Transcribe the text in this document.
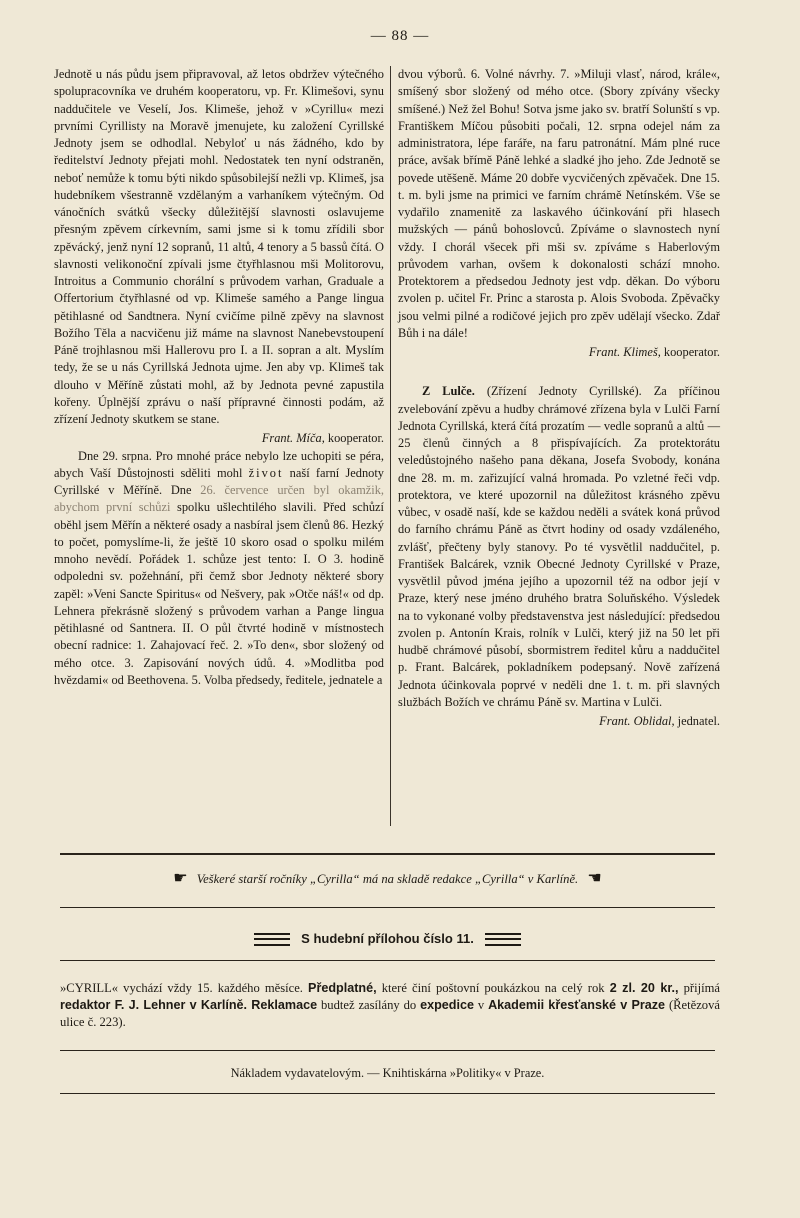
— 88 —

Jednotě u nás půdu jsem připravoval, až letos obdržev výtečného spolupracovníka ve druhém kooperatoru, vp. Fr. Klimešovi, synu naddučitele ve Veselí, Jos. Klimeše, jehož v »Cyrillu« mezi prvními Cyrillisty na Moravě jmenujete, ku založení Cyrillské Jednoty jsem se odhodlal. Nebyloť u nás žádného, kdo by ředitelství Jednoty přejati mohl. Nedostatek ten nyní odstraněn, neboť nemůže k tomu býti nikdo spůsobilejší nežli vp. Klimeš, jsa hudebníkem všestranně vzdělaným a varhaníkem výtečným. Od vánočních svátků všecky důležitější slavnosti oslavujeme přesným zpěvem církevním, sami jsme si k tomu zřídili sbor zpěvácký, jenž nyní 12 sopranů, 11 altů, 4 tenory a 5 bassů čítá. O slavnosti velikonoční zpívali jsme čtyřhlasnou mši Molitorovu, Introitus a Communio chorální s průvodem varhan, Graduale a Offertorium čtyřhlasné od vp. Klimeše samého a Pange lingua pětihlasné od Sandtnera. Nyní cvičíme pilně zpěvy na slavnost Božího Těla a nacvičenu již máme na slavnost Nanebevstoupení Páně trojhlasnou mši Hallerovu pro I. a II. sopran a alt. Myslím tedy, že se u nás Cyrillská Jednota ujme. Jen aby vp. Klimeš tak dlouho v Měříně zůstati mohl, až by Jednota pevné zapustila kořeny. Úplnější zprávu o naší přípravné činnosti podám, až zřízení Jednoty skutkem se stane.

Frant. Míča, kooperator.

Dne 29. srpna. Pro mnohé práce nebylo lze uchopiti se péra, abych Vaší Důstojnosti sděliti mohl život naší farní Jednoty Cyrillské v Měříně. Dne 26. července určen byl okamžik, abychom první schůzi spolku ušlechtilého slavili. Před schůzí oběhl jsem Měřín a některé osady a nasbíral jsem členů 86. Hezký to počet, pomyslíme-li, že ještě 10 skoro osad o spolku milém mnoho nevědí. Pořádek 1. schůze jest tento: I. O 3. hodině odpoledni sv. požehnání, při čemž sbor Jednoty některé sbory zapěl: »Veni Sancte Spiritus« od Nešvery, pak »Otče náš!« od dp. Lehnera překrásně složený s průvodem varhan a Pange lingua pětihlasné od Santnera. II. O půl čtvrté hodině v místnostech obecní radnice: 1. Zahajovací řeč. 2. »To den«, sbor složený od mého otce. 3. Zapisování nových údů. 4. »Modlitba pod hvězdami« od Beethovena. 5. Volba předsedy, ředitele, jednatele a

dvou výborů. 6. Volné návrhy. 7. »Miluji vlasť, národ, krále«, smíšený sbor složený od mého otce. (Sbory zpívány všecky smíšené.) Než žel Bohu! Sotva jsme jako sv. bratří Solunští s vp. Františkem Míčou působiti počali, 12. srpna odejel nám za administratora, lépe faráře, na faru patronátní. Mám plné ruce práce, avšak břímě Páně lehké a sladké jho jeho. Zde Jednotě se povede utěšeně. Máme 20 dobře vycvičených zpěvaček. Dne 15. t. m. byli jsme na primici ve farním chrámě Netínském. Vše se vydařilo znamenitě za laskavého účinkování při hlasech mužských — pánů bohoslovců. Zpíváme o slavnostech nyní vždy. I chorál všecek při mši sv. zpíváme s Haberlovým průvodem varhan, ovšem k dokonalosti schází mnoho. Protektorem a předsedou Jednoty jest vdp. děkan. Do výboru zvolen p. učitel Fr. Princ a starosta p. Alois Svoboda. Zpěvačky jsou velmi pilné a rodičové jejich pro zpěv udělají všecko. Zdař Bůh i na dále!

Frant. Klimeš, kooperator.

Z Lulče. (Zřízení Jednoty Cyrillské). Za příčinou zvelebování zpěvu a hudby chrámové zřízena byla v Lulči Farní Jednota Cyrillská, která čítá prozatím — vedle sopranů a altů — 25 členů činných a 8 přispívajících. Za protektorátu veledůstojného našeho pana děkana, Josefa Svobody, konána dne 28. m. m. zařizující valná hromada. Po vzletné řeči vdp. protektora, ve které upozornil na důležitost krásného zpěvu vůbec, v osadě naší, kde se každou neděli a svátek koná průvod do farního chrámu Páně as čtvrt hodiny od osady vzdáleného, zvlášť, přečteny byly stanovy. Po té vysvětlil naddučitel, p. František Balcárek, vznik Obecné Jednoty Cyrillské v Praze, vysvětlil původ jména jejího a upozornil též na odbor její v Praze, který nese jméno druhého bratra Soluňského. Výsledek na to vykonané volby představenstva jest následující: předsedou zvolen p. Antonín Krais, rolník v Lulči, který již na 50 let při hudbě chrámové působí, sbormistrem ředitel kůru a naddučitel p. Frant. Balcárek, pokladníkem podepsaný. Nově zařízená Jednota účinkovala poprvé v neděli dne 1. t. m. při slavných službách Božích ve chrámu Páně sv. Martina v Lulči.

Frant. Oblidal, jednatel.

☛ Veškeré starší ročníky „Cyrilla“ má na skladě redakce „Cyrilla“ v Karlíně. ☚
S hudební přílohou číslo 11.
»CYRILL« vychází vždy 15. každého měsíce. Předplatné, které činí poštovní poukázkou na celý rok 2 zl. 20 kr., přijímá redaktor F. J. Lehner v Karlíně. Reklamace budtež zasílány do expedice v Akademii křesťanské v Praze (Řetězová ulice č. 223).
Nákladem vydavatelovým. — Knihtiskárna »Politiky« v Praze.
